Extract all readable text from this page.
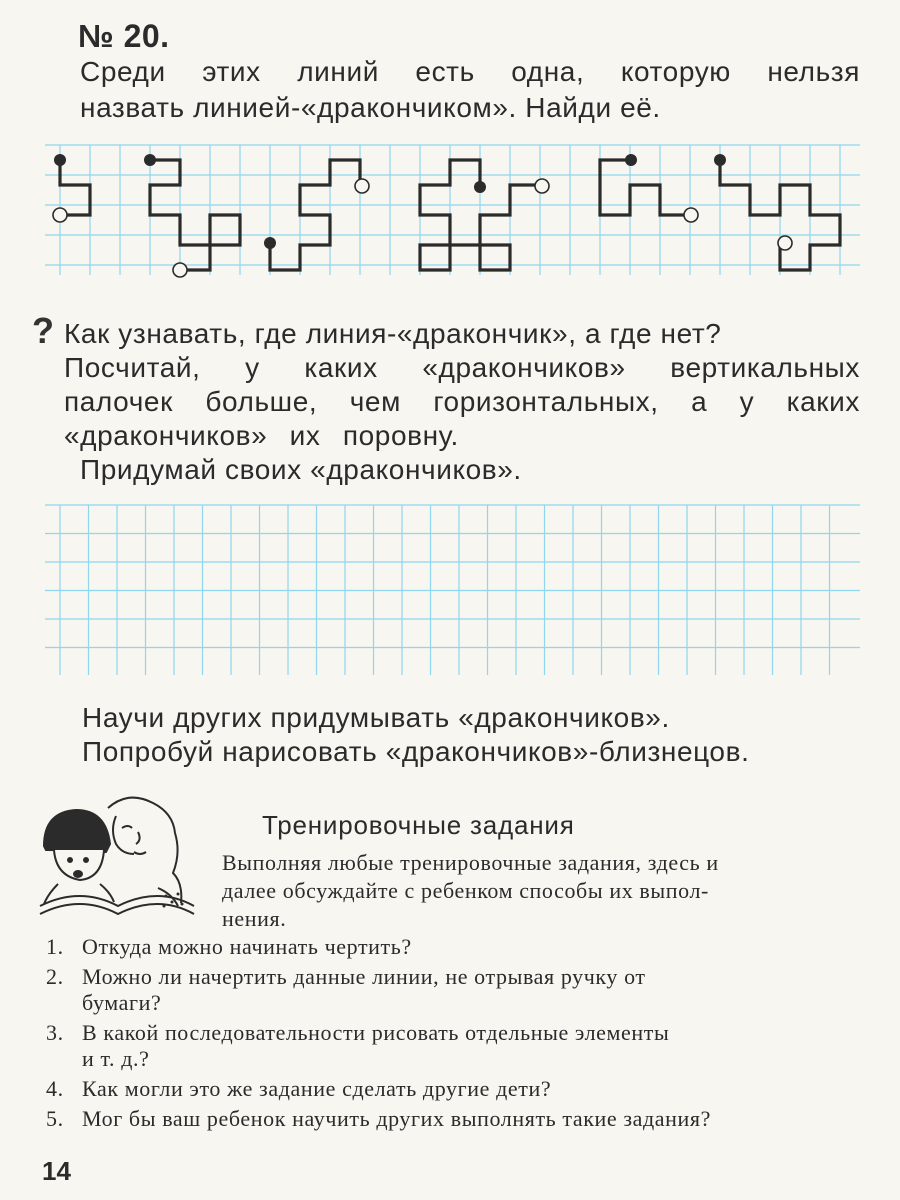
№ 20.
Среди этих линий есть одна, которую нельзя
назвать линией-«дракончиком». Найди её.
? Как узнавать, где линия-«дракончик», а где нет?
Посчитай, у каких «дракончиков» вертикальных
палочек больше, чем горизонтальных, а у каких
«дракончиков» их поровну.
Придумай своих «дракончиков».
Научи других придумывать «дракончиков».
Попробуй нарисовать «дракончиков»-близнецов.
Тренировочные задания
Выполняя любые тренировочные задания, здесь и
далее обсуждайте с ребенком способы их выпол-
нения.
1. Откуда можно начинать чертить?
2. Можно ли начертить данные линии, не отрывая ручку от
бумаги?
3. В какой последовательности рисовать отдельные элементы
и т. д.?
4. Как могли это же задание сделать другие дети?
5. Мог бы ваш ребенок научить других выполнять такие задания?
14
